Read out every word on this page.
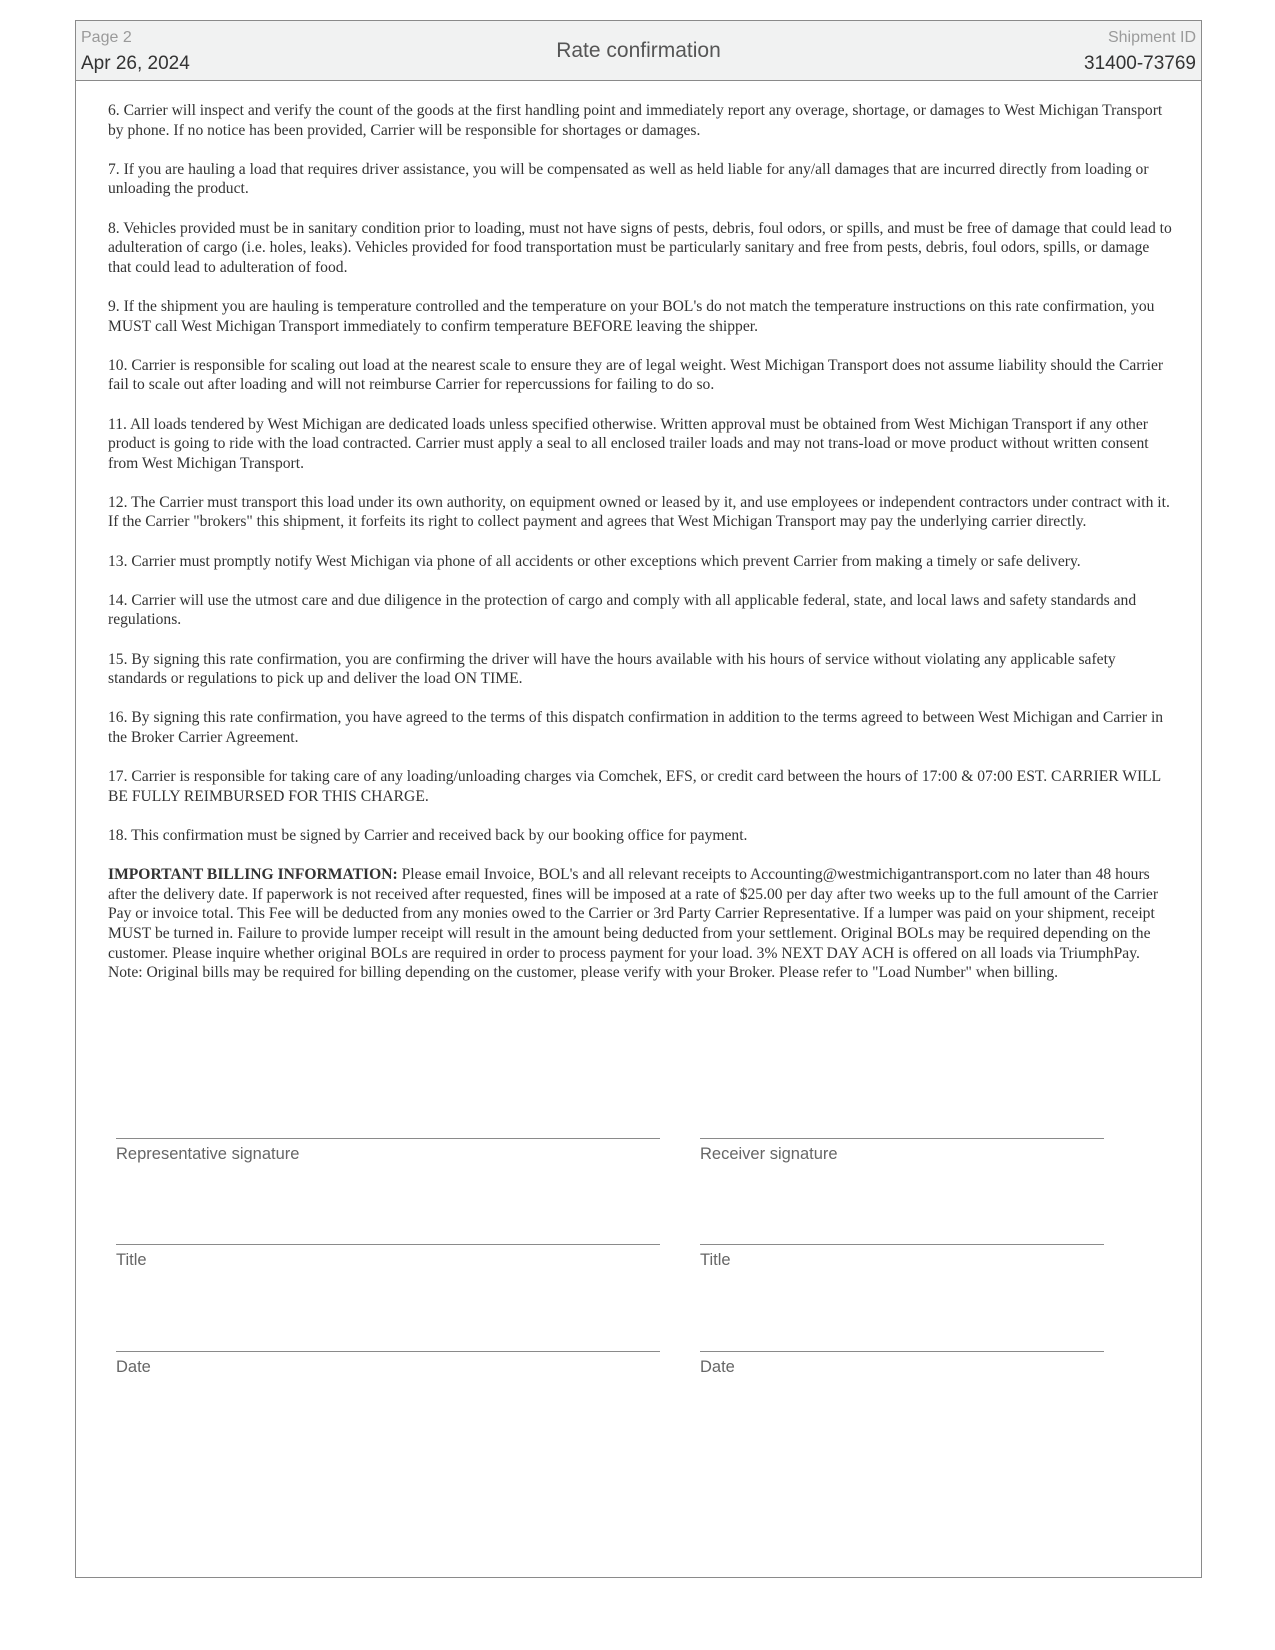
Page 2
Apr 26, 2024
Rate confirmation
Shipment ID
31400-73769

6. Carrier will inspect and verify the count of the goods at the first handling point and immediately report any overage, shortage, or damages to West Michigan Transport by phone. If no notice has been provided, Carrier will be responsible for shortages or damages.

7. If you are hauling a load that requires driver assistance, you will be compensated as well as held liable for any/all damages that are incurred directly from loading or unloading the product.

8. Vehicles provided must be in sanitary condition prior to loading, must not have signs of pests, debris, foul odors, or spills, and must be free of damage that could lead to adulteration of cargo (i.e. holes, leaks). Vehicles provided for food transportation must be particularly sanitary and free from pests, debris, foul odors, spills, or damage that could lead to adulteration of food.

9. If the shipment you are hauling is temperature controlled and the temperature on your BOL's do not match the temperature instructions on this rate confirmation, you MUST call West Michigan Transport immediately to confirm temperature BEFORE leaving the shipper.

10. Carrier is responsible for scaling out load at the nearest scale to ensure they are of legal weight. West Michigan Transport does not assume liability should the Carrier fail to scale out after loading and will not reimburse Carrier for repercussions for failing to do so.

11. All loads tendered by West Michigan are dedicated loads unless specified otherwise. Written approval must be obtained from West Michigan Transport if any other product is going to ride with the load contracted. Carrier must apply a seal to all enclosed trailer loads and may not trans-load or move product without written consent from West Michigan Transport.

12. The Carrier must transport this load under its own authority, on equipment owned or leased by it, and use employees or independent contractors under contract with it. If the Carrier "brokers" this shipment, it forfeits its right to collect payment and agrees that West Michigan Transport may pay the underlying carrier directly.

13. Carrier must promptly notify West Michigan via phone of all accidents or other exceptions which prevent Carrier from making a timely or safe delivery.

14. Carrier will use the utmost care and due diligence in the protection of cargo and comply with all applicable federal, state, and local laws and safety standards and regulations.

15. By signing this rate confirmation, you are confirming the driver will have the hours available with his hours of service without violating any applicable safety standards or regulations to pick up and deliver the load ON TIME.

16. By signing this rate confirmation, you have agreed to the terms of this dispatch confirmation in addition to the terms agreed to between West Michigan and Carrier in the Broker Carrier Agreement.

17. Carrier is responsible for taking care of any loading/unloading charges via Comchek, EFS, or credit card between the hours of 17:00 & 07:00 EST. CARRIER WILL BE FULLY REIMBURSED FOR THIS CHARGE.

18. This confirmation must be signed by Carrier and received back by our booking office for payment.

IMPORTANT BILLING INFORMATION: Please email Invoice, BOL's and all relevant receipts to Accounting@westmichigantransport.com no later than 48 hours after the delivery date. If paperwork is not received after requested, fines will be imposed at a rate of $25.00 per day after two weeks up to the full amount of the Carrier Pay or invoice total. This Fee will be deducted from any monies owed to the Carrier or 3rd Party Carrier Representative. If a lumper was paid on your shipment, receipt MUST be turned in. Failure to provide lumper receipt will result in the amount being deducted from your settlement. Original BOLs may be required depending on the customer. Please inquire whether original BOLs are required in order to process payment for your load. 3% NEXT DAY ACH is offered on all loads via TriumphPay. Note: Original bills may be required for billing depending on the customer, please verify with your Broker. Please refer to "Load Number" when billing.

Representative signature
Title
Date
Receiver signature
Title
Date
